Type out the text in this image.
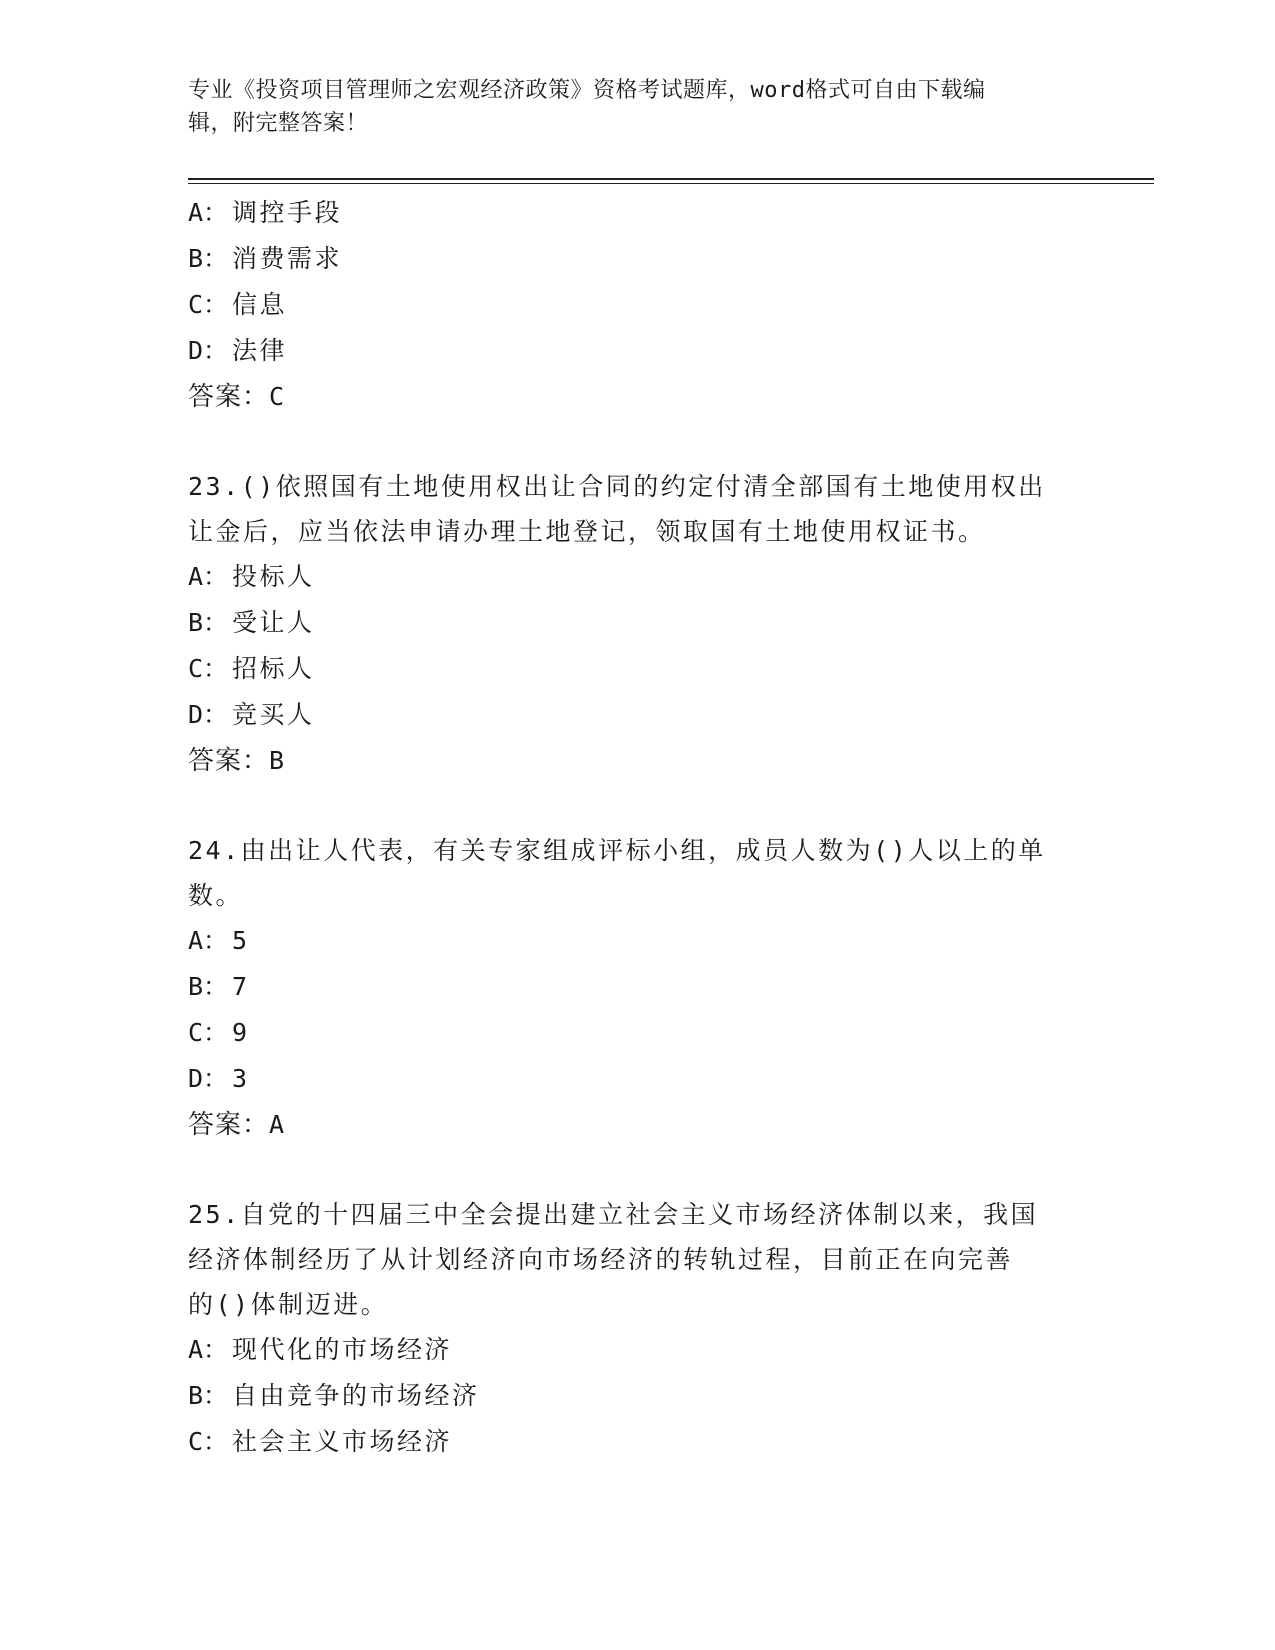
专业《投资项目管理师之宏观经济政策》资格考试题库，word格式可自由下载编
辑，附完整答案！
A： 调控手段
B： 消费需求
C： 信息
D： 法律
答案：C
23.()依照国有土地使用权出让合同的约定付清全部国有土地使用权出
让金后，应当依法申请办理土地登记，领取国有土地使用权证书。
A： 投标人
B： 受让人
C： 招标人
D： 竞买人
答案：B
24.由出让人代表，有关专家组成评标小组，成员人数为()人以上的单
数。
A： 5
B： 7
C： 9
D： 3
答案：A
25.自党的十四届三中全会提出建立社会主义市场经济体制以来，我国
经济体制经历了从计划经济向市场经济的转轨过程，目前正在向完善
的()体制迈进。
A： 现代化的市场经济
B： 自由竞争的市场经济
C： 社会主义市场经济
